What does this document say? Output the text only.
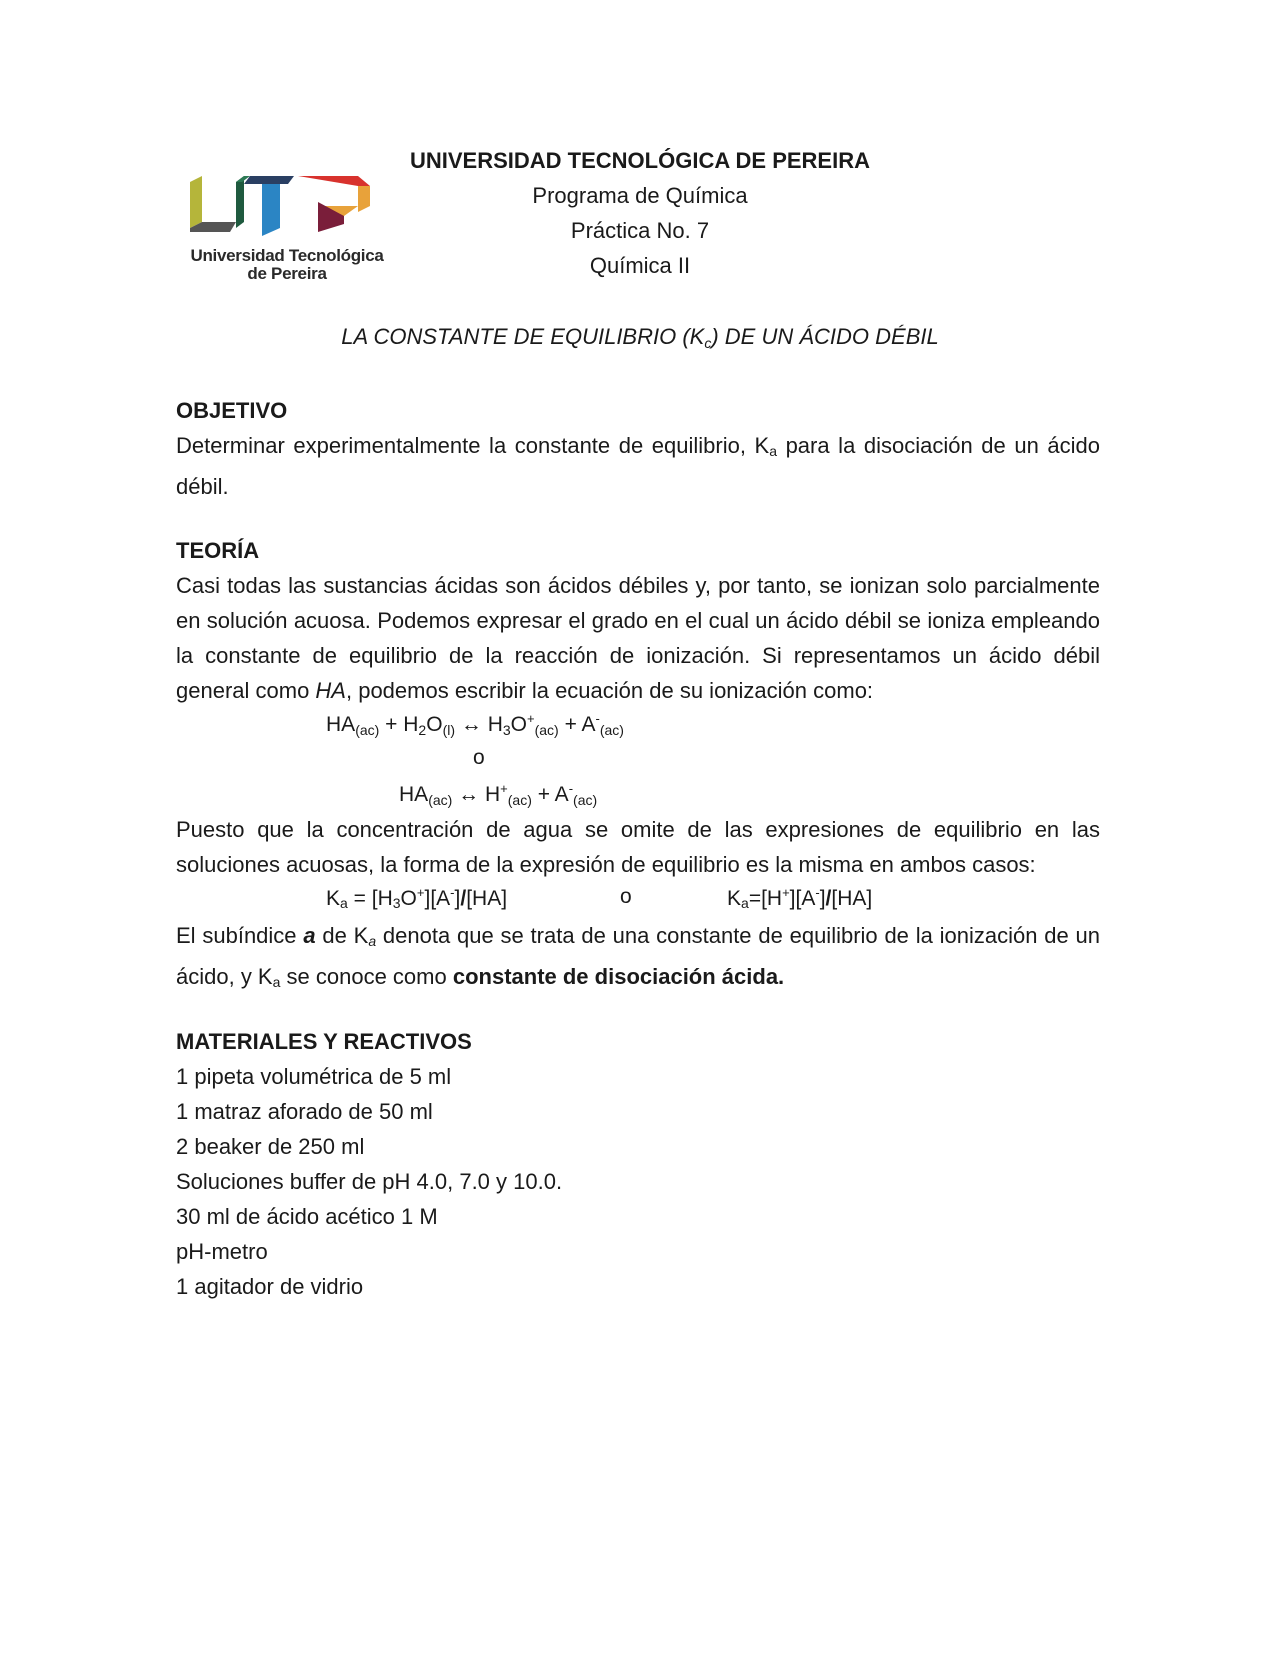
Universidad Tecnológica
de Pereira
UNIVERSIDAD TECNOLÓGICA DE PEREIRA
Programa de Química
Práctica No. 7
Química II
LA CONSTANTE DE EQUILIBRIO $(K_c)$ DE UN ÁCIDO DÉBIL
OBJETIVO
Determinar experimentalmente la constante de equilibrio, Ka para la disociación de un ácido débil.
TEORÍA
Casi todas las sustancias ácidas son ácidos débiles y, por tanto, se ionizan solo parcialmente en solución acuosa. Podemos expresar el grado en el cual un ácido débil se ioniza empleando la constante de equilibrio de la reacción de ionización. Si representamos un ácido débil general como HA, podemos escribir la ecuación de su ionización como:
HA(ac) + H2O(l) ↔ H3O+(ac) + A-(ac)
o
HA(ac) ↔ H+(ac) + A-(ac)
Puesto que la concentración de agua se omite de las expresiones de equilibrio en las soluciones acuosas, la forma de la expresión de equilibrio es la misma en ambos casos:
Ka = [H3O+][A-]/[HA]	o	Ka=[H+][A-]/[HA]
El subíndice a de Ka denota que se trata de una constante de equilibrio de la ionización de un ácido, y Ka se conoce como constante de disociación ácida.
MATERIALES Y REACTIVOS
1 pipeta volumétrica de 5 ml
1 matraz aforado de 50 ml
2 beaker de 250 ml
Soluciones buffer de pH 4.0, 7.0 y 10.0.
30 ml de ácido acético 1 M
pH-metro
1 agitador de vidrio
